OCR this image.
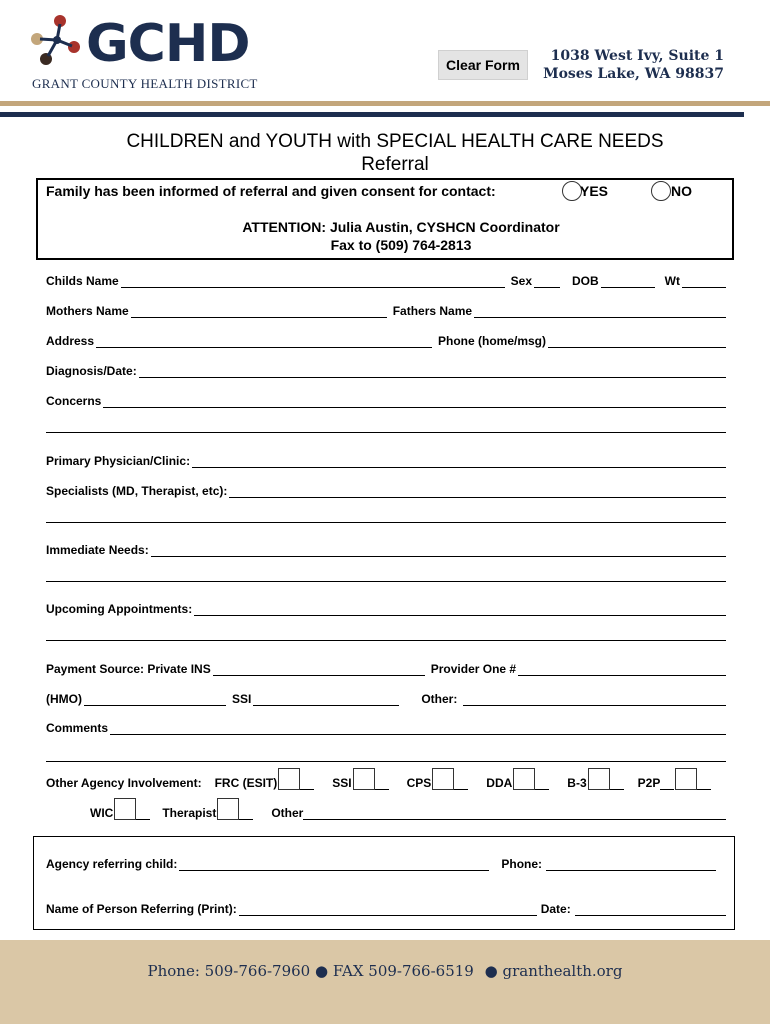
GCHD
GRANT COUNTY HEALTH DISTRICT
Clear Form
1038 West Ivy, Suite 1
Moses Lake, WA 98837
CHILDREN and YOUTH with SPECIAL HEALTH CARE NEEDS
Referral
Family has been informed of referral and given consent for contact:	YES	NO
ATTENTION: Julia Austin, CYSHCN Coordinator
Fax to (509) 764-2813
Childs Name	Sex	DOB	Wt
Mothers Name	Fathers Name
Address	Phone (home/msg)
Diagnosis/Date:
Concerns
Primary Physician/Clinic:
Specialists (MD, Therapist, etc):
Immediate Needs:
Upcoming Appointments:
Payment Source: Private INS	Provider One #
(HMO)	SSI	Other:
Comments
Other Agency Involvement: FRC (ESIT)	SSI	CPS	DDA	B-3	P2P
WIC	Therapist	Other
Agency referring child:	Phone:
Name of Person Referring (Print):	Date:
Phone: 509-766-7960 ● FAX 509-766-6519 ● granthealth.org
